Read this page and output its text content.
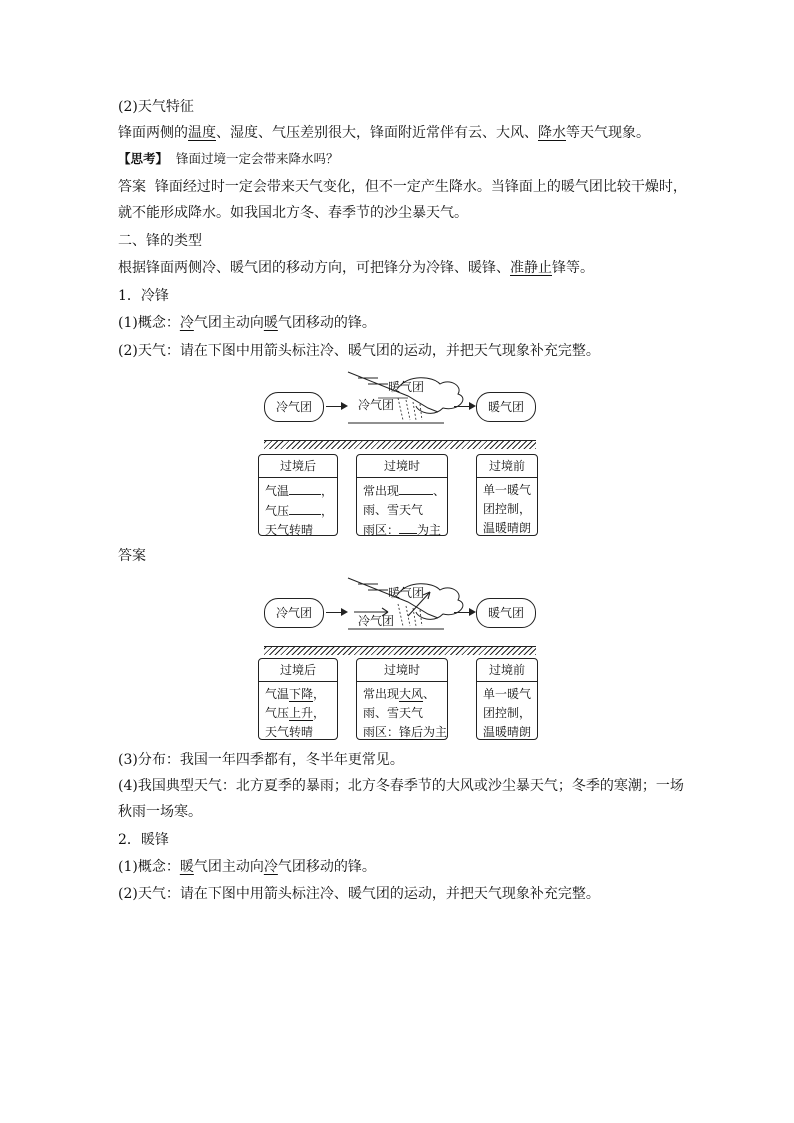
(2)天气特征
锋面两侧的温度、湿度、气压差别很大，锋面附近常伴有云、大风、降水等天气现象。
【思考】 锋面过境一定会带来降水吗？
答案 锋面经过时一定会带来天气变化，但不一定产生降水。当锋面上的暖气团比较干燥时，
就不能形成降水。如我国北方冬、春季节的沙尘暴天气。
二、锋的类型
根据锋面两侧冷、暖气团的移动方向，可把锋分为冷锋、暖锋、准静止锋等。
1．冷锋
(1)概念：冷气团主动向暖气团移动的锋。
(2)天气：请在下图中用箭头标注冷、暖气团的运动，并把天气现象补充完整。
冷气团	冷气团
暖气团
暖气团
过境后
气温	，
气压	，
天气转晴
过境时
常出现	、
雨、雪天气
雨区： 为主
过境前
单一暖气
团控制，
温暖晴朗
答案
冷气团
冷气团
暖气团
暖气团
过境后
气温下降，
气压上升，
天气转晴
过境时
常出现大风、
雨、雪天气
雨区：锋后为主
过境前
单一暖气
团控制，
温暖晴朗
(3)分布：我国一年四季都有，冬半年更常见。
(4)我国典型天气：北方夏季的暴雨；北方冬春季节的大风或沙尘暴天气；冬季的寒潮；一场
秋雨一场寒。
2．暖锋
(1)概念：暖气团主动向冷气团移动的锋。
(2)天气：请在下图中用箭头标注冷、暖气团的运动，并把天气现象补充完整。
